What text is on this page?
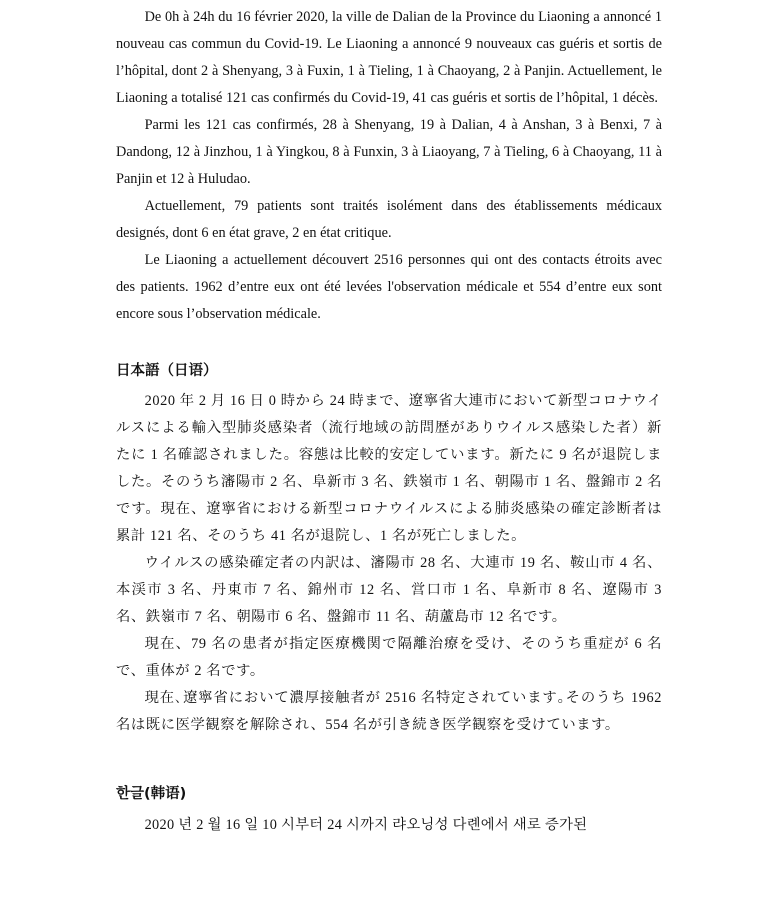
De 0h à 24h du 16 février 2020, la ville de Dalian de la Province du Liaoning a annoncé 1 nouveau cas commun du Covid-19. Le Liaoning a annoncé 9 nouveaux cas guéris et sortis de l’hôpital, dont 2 à Shenyang, 3 à Fuxin, 1 à Tieling, 1 à Chaoyang, 2 à Panjin. Actuellement, le Liaoning a totalisé 121 cas confirmés du Covid-19, 41 cas guéris et sortis de l’hôpital, 1 décès.

Parmi les 121 cas confirmés, 28 à Shenyang, 19 à Dalian, 4 à Anshan, 3 à Benxi, 7 à Dandong, 12 à Jinzhou, 1 à Yingkou, 8 à Funxin, 3 à Liaoyang, 7 à Tieling, 6 à Chaoyang, 11 à Panjin et 12 à Huludao.

Actuellement, 79 patients sont traités isolément dans des établissements médicaux designés, dont 6 en état grave, 2 en état critique.

Le Liaoning a actuellement découvert 2516 personnes qui ont des contacts étroits avec des patients. 1962 d’entre eux ont été levées l'observation médicale et 554 d’entre eux sont encore sous l’observation médicale.

日本語（日语）

2020 年 2 月 16 日 0 時から 24 時まで、遼寧省大連市において新型コロナウイルスによる輸入型肺炎感染者（流行地域の訪問歴がありウイルス感染した者）新たに 1 名確認されました。容態は比較的安定しています。新たに 9 名が退院しました。そのうち瀋陽市 2 名、阜新市 3 名、鉄嶺市 1 名、朝陽市 1 名、盤錦市 2 名です。現在、遼寧省における新型コロナウイルスによる肺炎感染の確定診断者は累計 121 名、そのうち 41 名が退院し、1 名が死亡しました。

ウイルスの感染確定者の内訳は、瀋陽市 28 名、大連市 19 名、鞍山市 4 名、本渓市 3 名、丹東市 7 名、錦州市 12 名、営口市 1 名、阜新市 8 名、遼陽市 3 名、鉄嶺市 7 名、朝陽市 6 名、盤錦市 11 名、葫蘆島市 12 名です。

現在、79 名の患者が指定医療機関で隔離治療を受け、そのうち重症が 6 名で、重体が 2 名です。

現在､遼寧省において濃厚接触者が 2516 名特定されています｡そのうち 1962 名は既に医学観察を解除され、554 名が引き続き医学観察を受けています。

한글(韩语)

2020 년 2 월 16 일 10 시부터 24 시까지 랴오닝성 다롄에서 새로 증가된
